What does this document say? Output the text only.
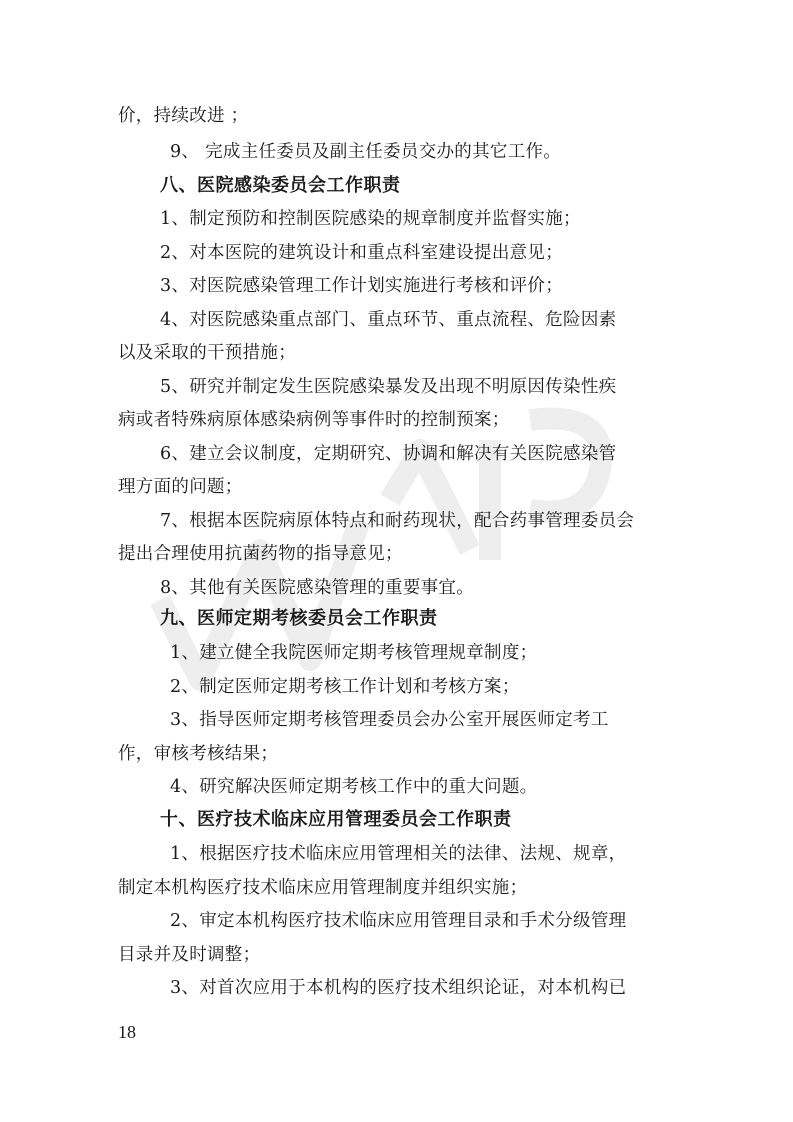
价，持续改进 ；
9、 完成主任委员及副主任委员交办的其它工作。
八、医院感染委员会工作职责
1、制定预防和控制医院感染的规章制度并监督实施；
2、对本医院的建筑设计和重点科室建设提出意见；
3、对医院感染管理工作计划实施进行考核和评价；
4、对医院感染重点部门、重点环节、重点流程、危险因素
以及采取的干预措施；
5、研究并制定发生医院感染暴发及出现不明原因传染性疾
病或者特殊病原体感染病例等事件时的控制预案；
6、建立会议制度，定期研究、协调和解决有关医院感染管
理方面的问题；
7、根据本医院病原体特点和耐药现状，配合药事管理委员会
提出合理使用抗菌药物的指导意见；
8、其他有关医院感染管理的重要事宜。
九、医师定期考核委员会工作职责
1、建立健全我院医师定期考核管理规章制度；
2、制定医师定期考核工作计划和考核方案；
3、指导医师定期考核管理委员会办公室开展医师定考工
作，审核考核结果；
4、研究解决医师定期考核工作中的重大问题。
十、医疗技术临床应用管理委员会工作职责
1、根据医疗技术临床应用管理相关的法律、法规、规章，
制定本机构医疗技术临床应用管理制度并组织实施；
2、审定本机构医疗技术临床应用管理目录和手术分级管理
目录并及时调整；
3、对首次应用于本机构的医疗技术组织论证，对本机构已
18
